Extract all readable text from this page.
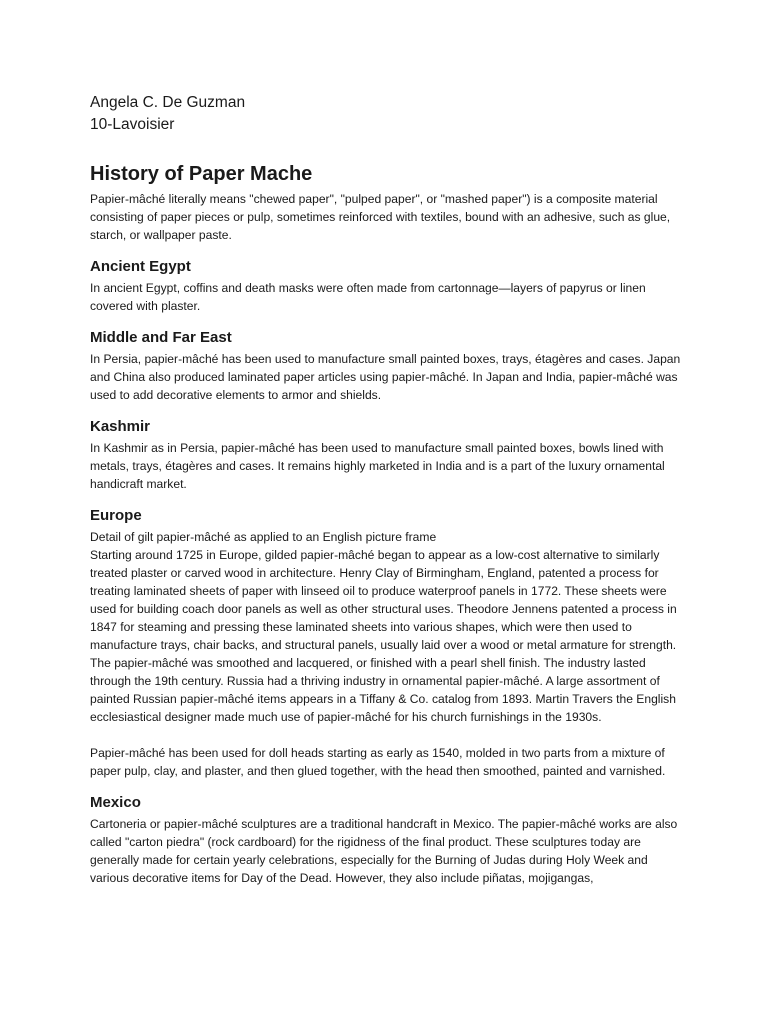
Angela C. De Guzman

10-Lavoisier

History of Paper Mache

Papier-mâché literally means "chewed paper", "pulped paper", or "mashed paper") is a composite material consisting of paper pieces or pulp, sometimes reinforced with textiles, bound with an adhesive, such as glue, starch, or wallpaper paste.

Ancient Egypt

In ancient Egypt, coffins and death masks were often made from cartonnage—layers of papyrus or linen covered with plaster.

Middle and Far East

In Persia, papier-mâché has been used to manufacture small painted boxes, trays, étagères and cases. Japan and China also produced laminated paper articles using papier-mâché. In Japan and India, papier-mâché was used to add decorative elements to armor and shields.

Kashmir

In Kashmir as in Persia, papier-mâché has been used to manufacture small painted boxes, bowls lined with metals, trays, étagères and cases. It remains highly marketed in India and is a part of the luxury ornamental handicraft market.

Europe

Detail of gilt papier-mâché as applied to an English picture frame

Starting around 1725 in Europe, gilded papier-mâché began to appear as a low-cost alternative to similarly treated plaster or carved wood in architecture. Henry Clay of Birmingham, England, patented a process for treating laminated sheets of paper with linseed oil to produce waterproof panels in 1772. These sheets were used for building coach door panels as well as other structural uses. Theodore Jennens patented a process in 1847 for steaming and pressing these laminated sheets into various shapes, which were then used to manufacture trays, chair backs, and structural panels, usually laid over a wood or metal armature for strength. The papier-mâché was smoothed and lacquered, or finished with a pearl shell finish. The industry lasted through the 19th century. Russia had a thriving industry in ornamental papier-mâché. A large assortment of painted Russian papier-mâché items appears in a Tiffany & Co. catalog from 1893. Martin Travers the English ecclesiastical designer made much use of papier-mâché for his church furnishings in the 1930s.

Papier-mâché has been used for doll heads starting as early as 1540, molded in two parts from a mixture of paper pulp, clay, and plaster, and then glued together, with the head then smoothed, painted and varnished.

Mexico

Cartoneria or papier-mâché sculptures are a traditional handcraft in Mexico. The papier-mâché works are also called "carton piedra" (rock cardboard) for the rigidness of the final product. These sculptures today are generally made for certain yearly celebrations, especially for the Burning of Judas during Holy Week and various decorative items for Day of the Dead. However, they also include piñatas, mojigangas,
